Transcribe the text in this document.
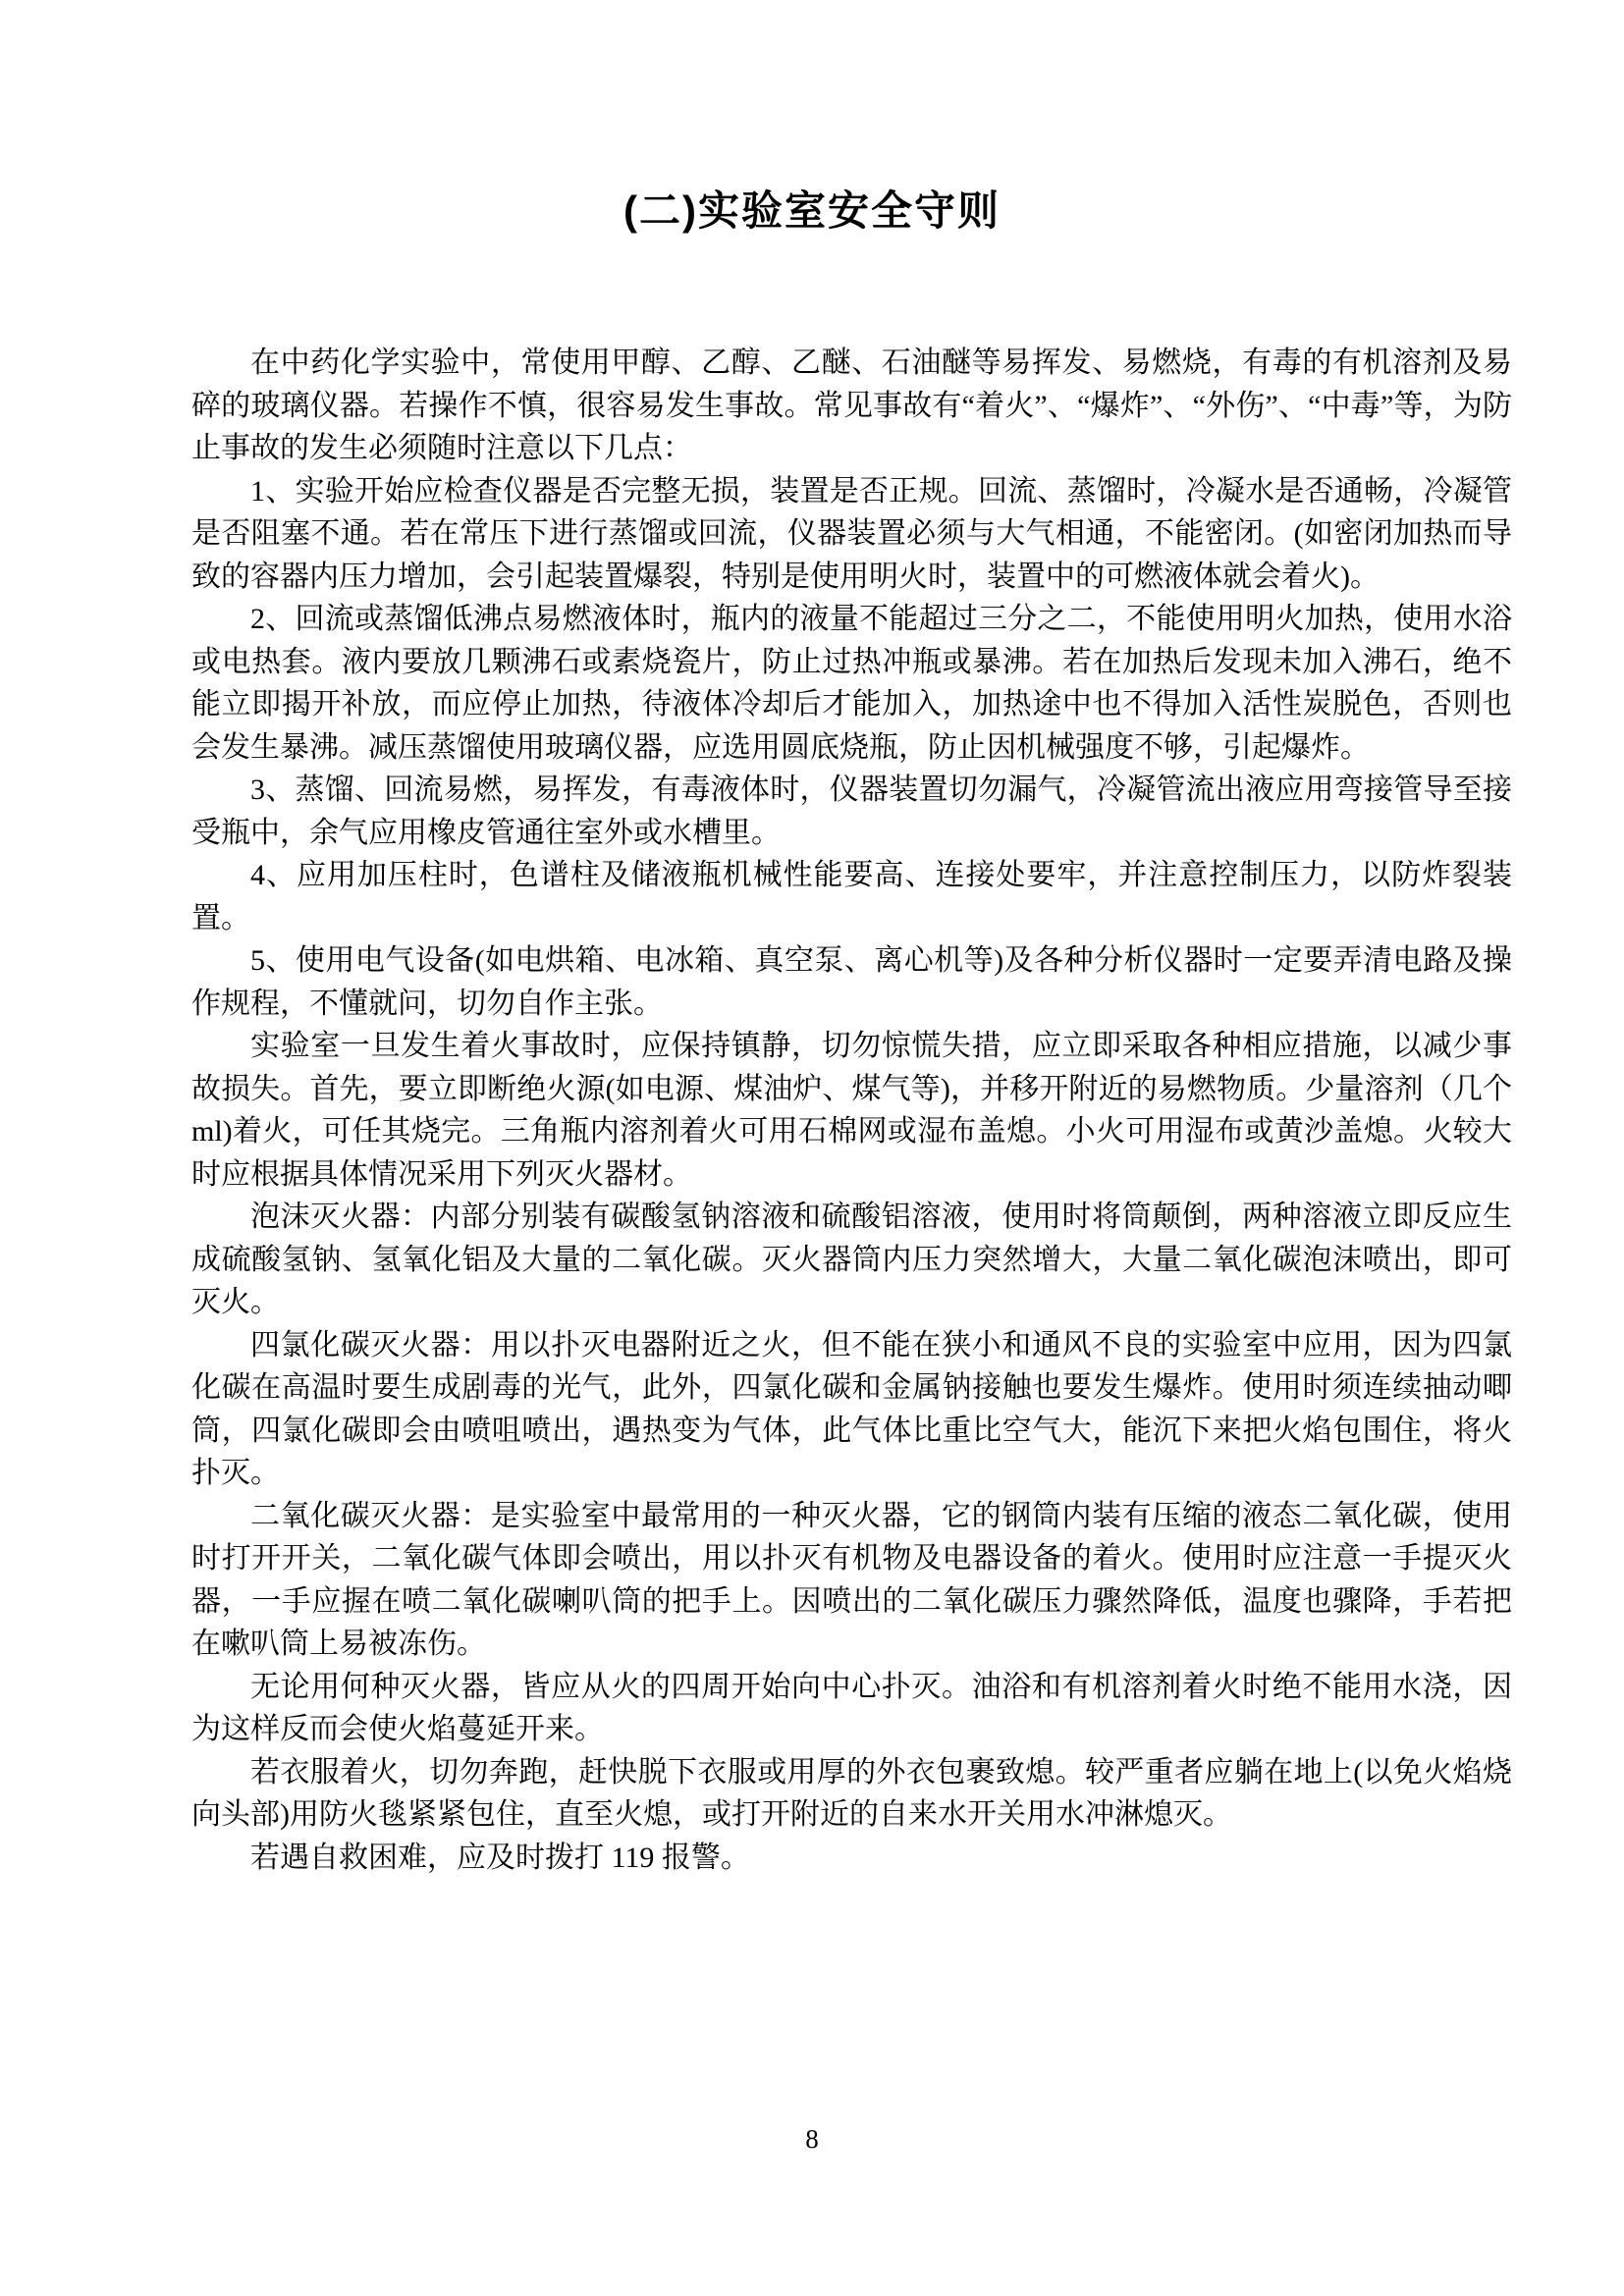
(二)实验室安全守则

在中药化学实验中，常使用甲醇、乙醇、乙醚、石油醚等易挥发、易燃烧，有毒的有机溶剂及易碎的玻璃仪器。若操作不慎，很容易发生事故。常见事故有“着火”、“爆炸”、“外伤”、“中毒”等，为防止事故的发生必须随时注意以下几点：

1、实验开始应检查仪器是否完整无损，装置是否正规。回流、蒸馏时，冷凝水是否通畅，冷凝管是否阻塞不通。若在常压下进行蒸馏或回流，仪器装置必须与大气相通，不能密闭。(如密闭加热而导致的容器内压力增加，会引起装置爆裂，特别是使用明火时，装置中的可燃液体就会着火)。

2、回流或蒸馏低沸点易燃液体时，瓶内的液量不能超过三分之二，不能使用明火加热，使用水浴或电热套。液内要放几颗沸石或素烧瓷片，防止过热冲瓶或暴沸。若在加热后发现未加入沸石，绝不能立即揭开补放，而应停止加热，待液体冷却后才能加入，加热途中也不得加入活性炭脱色，否则也会发生暴沸。减压蒸馏使用玻璃仪器，应选用圆底烧瓶，防止因机械强度不够，引起爆炸。

3、蒸馏、回流易燃，易挥发，有毒液体时，仪器装置切勿漏气，冷凝管流出液应用弯接管导至接受瓶中，余气应用橡皮管通往室外或水槽里。

4、应用加压柱时，色谱柱及储液瓶机械性能要高、连接处要牢，并注意控制压力，以防炸裂装置。

5、使用电气设备(如电烘箱、电冰箱、真空泵、离心机等)及各种分析仪器时一定要弄清电路及操作规程，不懂就问，切勿自作主张。

实验室一旦发生着火事故时，应保持镇静，切勿惊慌失措，应立即采取各种相应措施，以减少事故损失。首先，要立即断绝火源(如电源、煤油炉、煤气等)，并移开附近的易燃物质。少量溶剂（几个 ml)着火，可任其烧完。三角瓶内溶剂着火可用石棉网或湿布盖熄。小火可用湿布或黄沙盖熄。火较大时应根据具体情况采用下列灭火器材。

泡沫灭火器：内部分别装有碳酸氢钠溶液和硫酸铝溶液，使用时将筒颠倒，两种溶液立即反应生成硫酸氢钠、氢氧化铝及大量的二氧化碳。灭火器筒内压力突然增大，大量二氧化碳泡沫喷出，即可灭火。

四氯化碳灭火器：用以扑灭电器附近之火，但不能在狭小和通风不良的实验室中应用，因为四氯化碳在高温时要生成剧毒的光气，此外，四氯化碳和金属钠接触也要发生爆炸。使用时须连续抽动唧筒，四氯化碳即会由喷咀喷出，遇热变为气体，此气体比重比空气大，能沉下来把火焰包围住，将火扑灭。

二氧化碳灭火器：是实验室中最常用的一种灭火器，它的钢筒内装有压缩的液态二氧化碳，使用时打开开关，二氧化碳气体即会喷出，用以扑灭有机物及电器设备的着火。使用时应注意一手提灭火器，一手应握在喷二氧化碳喇叭筒的把手上。因喷出的二氧化碳压力骤然降低，温度也骤降，手若把在嗽叭筒上易被冻伤。

无论用何种灭火器，皆应从火的四周开始向中心扑灭。油浴和有机溶剂着火时绝不能用水浇，因为这样反而会使火焰蔓延开来。

若衣服着火，切勿奔跑，赶快脱下衣服或用厚的外衣包裹致熄。较严重者应躺在地上(以免火焰烧向头部)用防火毯紧紧包住，直至火熄，或打开附近的自来水开关用水冲淋熄灭。

若遇自救困难，应及时拨打 119 报警。

8
